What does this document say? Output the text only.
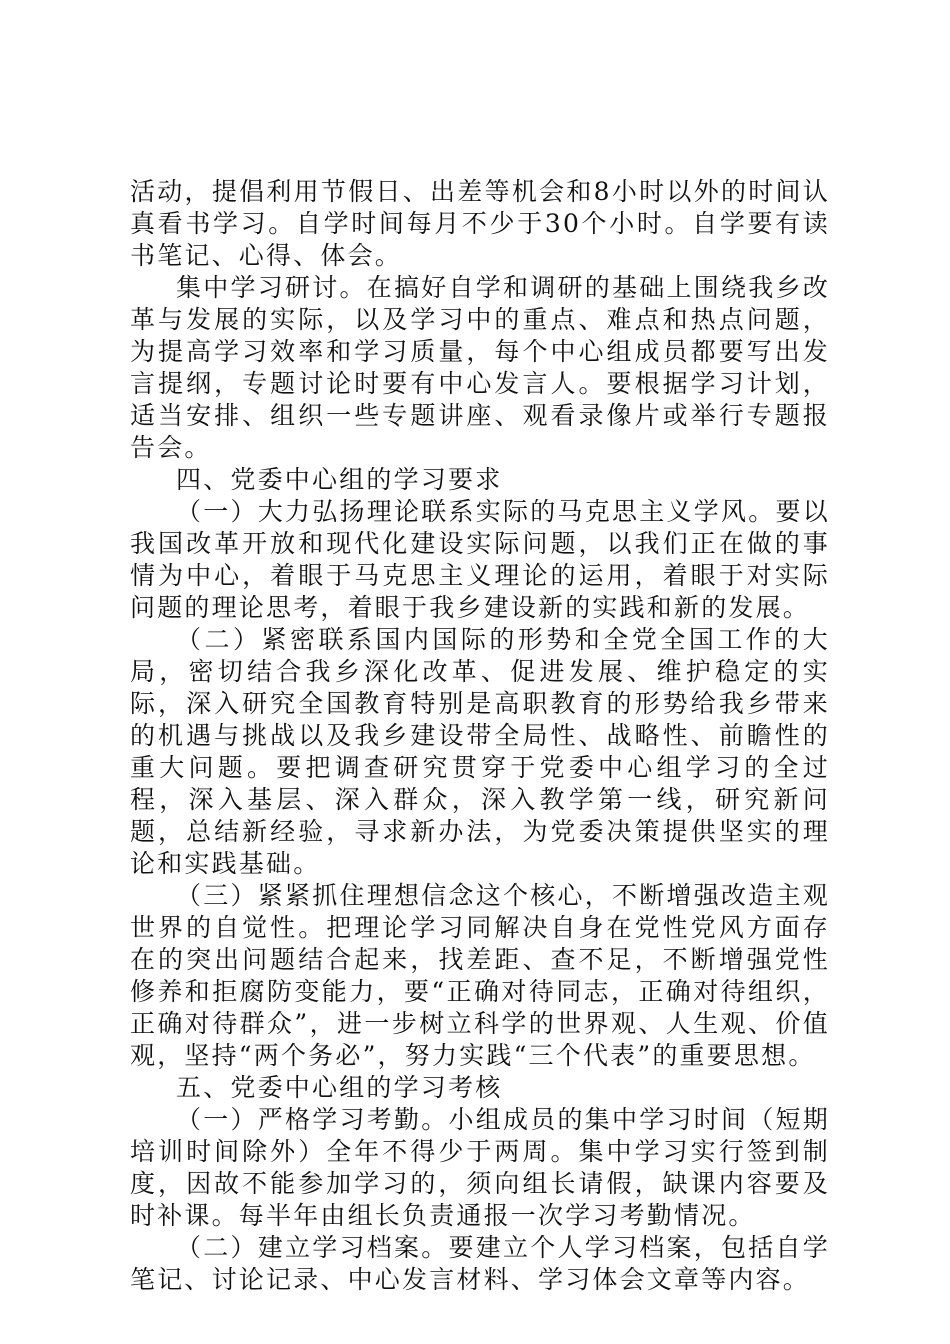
活动，提倡利用节假日、出差等机会和8小时以外的时间认真看书学习。自学时间每月不少于30个小时。自学要有读书笔记、心得、体会。

集中学习研讨。在搞好自学和调研的基础上围绕我乡改革与发展的实际，以及学习中的重点、难点和热点问题，为提高学习效率和学习质量，每个中心组成员都要写出发言提纲，专题讨论时要有中心发言人。要根据学习计划，适当安排、组织一些专题讲座、观看录像片或举行专题报告会。

四、党委中心组的学习要求

（一）大力弘扬理论联系实际的马克思主义学风。要以我国改革开放和现代化建设实际问题，以我们正在做的事情为中心，着眼于马克思主义理论的运用，着眼于对实际问题的理论思考，着眼于我乡建设新的实践和新的发展。

（二）紧密联系国内国际的形势和全党全国工作的大局，密切结合我乡深化改革、促进发展、维护稳定的实际，深入研究全国教育特别是高职教育的形势给我乡带来的机遇与挑战以及我乡建设带全局性、战略性、前瞻性的重大问题。要把调查研究贯穿于党委中心组学习的全过程，深入基层、深入群众，深入教学第一线，研究新问题，总结新经验，寻求新办法，为党委决策提供坚实的理论和实践基础。

（三）紧紧抓住理想信念这个核心，不断增强改造主观世界的自觉性。把理论学习同解决自身在党性党风方面存在的突出问题结合起来，找差距、查不足，不断增强党性修养和拒腐防变能力，要“正确对待同志，正确对待组织，正确对待群众”，进一步树立科学的世界观、人生观、价值观，坚持“两个务必”，努力实践“三个代表”的重要思想。

五、党委中心组的学习考核

（一）严格学习考勤。小组成员的集中学习时间（短期培训时间除外）全年不得少于两周。集中学习实行签到制度，因故不能参加学习的，须向组长请假，缺课内容要及时补课。每半年由组长负责通报一次学习考勤情况。

（二）建立学习档案。要建立个人学习档案，包括自学笔记、讨论记录、中心发言材料、学习体会文章等内容。
